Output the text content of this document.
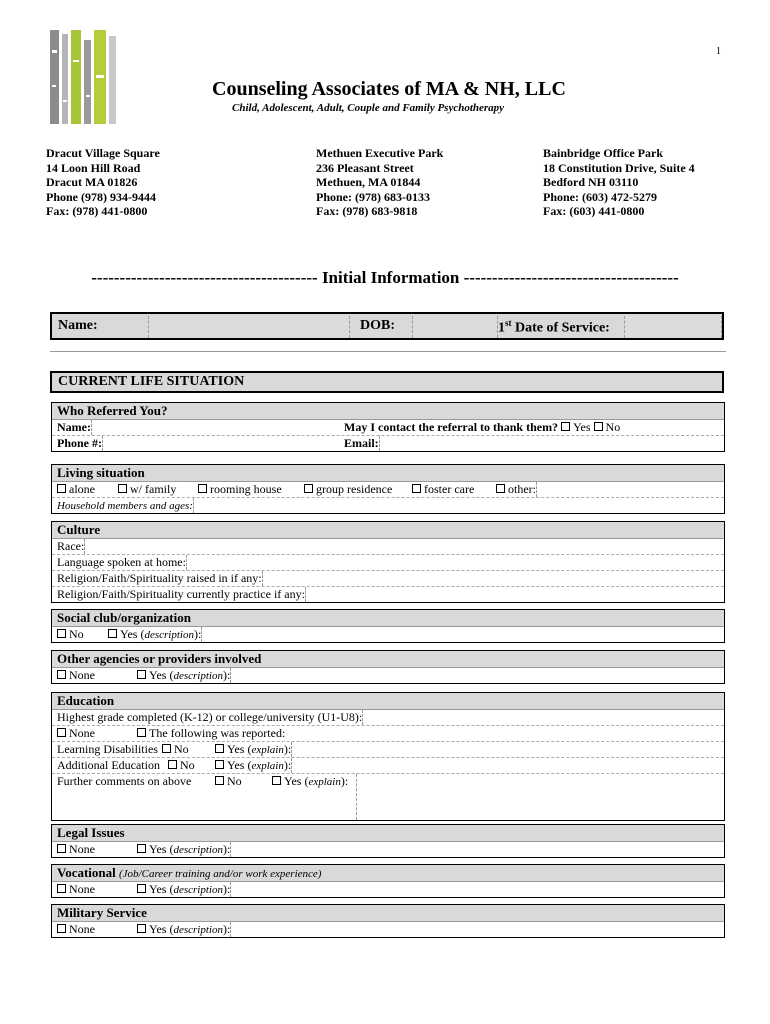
1
Counseling Associates of MA & NH, LLC
Child, Adolescent, Adult, Couple and Family Psychotherapy
Dracut Village Square
14 Loon Hill Road
Dracut MA 01826
Phone (978) 934-9444
Fax: (978) 441-0800
Methuen Executive Park
236 Pleasant Street
Methuen, MA 01844
Phone: (978) 683-0133
Fax: (978) 683-9818
Bainbridge Office Park
18 Constitution Drive, Suite 4
Bedford NH 03110
Phone: (603) 472-5279
Fax: (603) 441-0800
---------------------------------------- Initial Information --------------------------------------
Name:	DOB:	1st Date of Service:
CURRENT LIFE SITUATION
Who Referred You?
Name:	May I contact the referral to thank them? Yes No
Phone #:	Email:
Living situation
alone	w/ family	rooming house	group residence	foster care	other:
Household members and ages:
Culture
Race:
Language spoken at home:
Religion/Faith/Spirituality raised in if any:
Religion/Faith/Spirituality currently practice if any:
Social club/organization
No	Yes (description):
Other agencies or providers involved
None	Yes (description):
Education
Highest grade completed (K-12) or college/university (U1-U8):
None	The following was reported:
Learning Disabilities	No	Yes (explain):
Additional Education	No	Yes (explain):
Further comments on above	No	Yes (explain):
Legal Issues
None	Yes (description):
Vocational (Job/Career training and/or work experience)
None	Yes (description):
Military Service
None	Yes (description):
